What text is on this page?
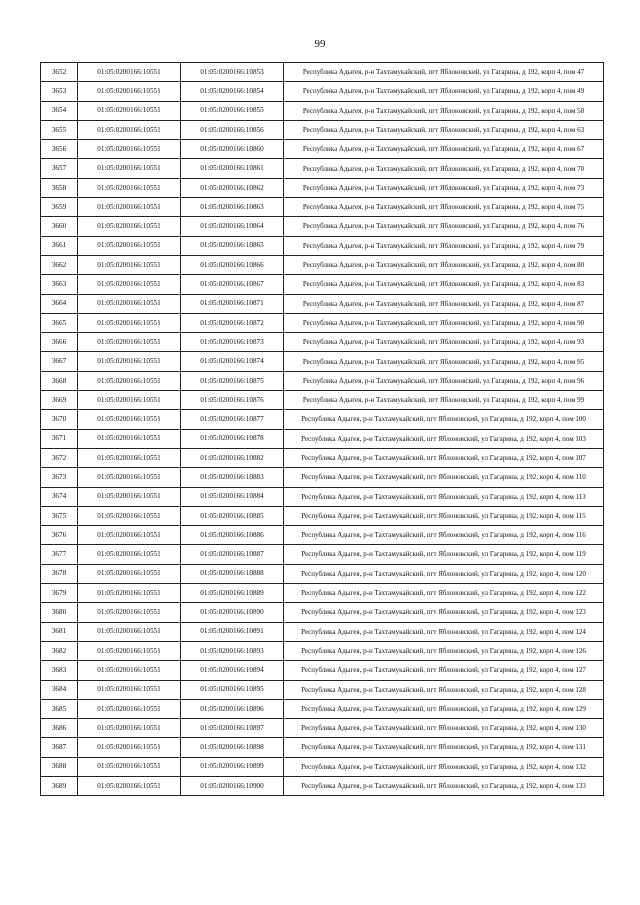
99
3652	01:05:0200166:10551	01:05:0200166:10853	Республика Адыгея, р-н Тахтамукайский, пгт Яблоновский, ул Гагарина, д 192, корп 4, пом 47
3653	01:05:0200166:10551	01:05:0200166:10854	Республика Адыгея, р-н Тахтамукайский, пгт Яблоновский, ул Гагарина, д 192, корп 4, пом 49
3654	01:05:0200166:10551	01:05:0200166:10855	Республика Адыгея, р-н Тахтамукайский, пгт Яблоновский, ул Гагарина, д 192, корп 4, пом 58
3655	01:05:0200166:10551	01:05:0200166:10856	Республика Адыгея, р-н Тахтамукайский, пгт Яблоновский, ул Гагарина, д 192, корп 4, пом 63
3656	01:05:0200166:10551	01:05:0200166:10860	Республика Адыгея, р-н Тахтамукайский, пгт Яблоновский, ул Гагарина, д 192, корп 4, пом 67
3657	01:05:0200166:10551	01:05:0200166:10861	Республика Адыгея, р-н Тахтамукайский, пгт Яблоновский, ул Гагарина, д 192, корп 4, пом 70
3658	01:05:0200166:10551	01:05:0200166:10862	Республика Адыгея, р-н Тахтамукайский, пгт Яблоновский, ул Гагарина, д 192, корп 4, пом 73
3659	01:05:0200166:10551	01:05:0200166:10863	Республика Адыгея, р-н Тахтамукайский, пгт Яблоновский, ул Гагарина, д 192, корп 4, пом 75
3660	01:05:0200166:10551	01:05:0200166:10864	Республика Адыгея, р-н Тахтамукайский, пгт Яблоновский, ул Гагарина, д 192, корп 4, пом 76
3661	01:05:0200166:10551	01:05:0200166:10865	Республика Адыгея, р-н Тахтамукайский, пгт Яблоновский, ул Гагарина, д 192, корп 4, пом 79
3662	01:05:0200166:10551	01:05:0200166:10866	Республика Адыгея, р-н Тахтамукайский, пгт Яблоновский, ул Гагарина, д 192, корп 4, пом 80
3663	01:05:0200166:10551	01:05:0200166:10867	Республика Адыгея, р-н Тахтамукайский, пгт Яблоновский, ул Гагарина, д 192, корп 4, пом 83
3664	01:05:0200166:10551	01:05:0200166:10871	Республика Адыгея, р-н Тахтамукайский, пгт Яблоновский, ул Гагарина, д 192, корп 4, пом 87
3665	01:05:0200166:10551	01:05:0200166:10872	Республика Адыгея, р-н Тахтамукайский, пгт Яблоновский, ул Гагарина, д 192, корп 4, пом 90
3666	01:05:0200166:10551	01:05:0200166:10873	Республика Адыгея, р-н Тахтамукайский, пгт Яблоновский, ул Гагарина, д 192, корп 4, пом 93
3667	01:05:0200166:10551	01:05:0200166:10874	Республика Адыгея, р-н Тахтамукайский, пгт Яблоновский, ул Гагарина, д 192, корп 4, пом 95
3668	01:05:0200166:10551	01:05:0200166:10875	Республика Адыгея, р-н Тахтамукайский, пгт Яблоновский, ул Гагарина, д 192, корп 4, пом 96
3669	01:05:0200166:10551	01:05:0200166:10876	Республика Адыгея, р-н Тахтамукайский, пгт Яблоновский, ул Гагарина, д 192, корп 4, пом 99
3670	01:05:0200166:10551	01:05:0200166:10877	Республика Адыгея, р-н Тахтамукайский, пгт Яблоновский, ул Гагарина, д 192, корп 4, пом 100
3671	01:05:0200166:10551	01:05:0200166:10878	Республика Адыгея, р-н Тахтамукайский, пгт Яблоновский, ул Гагарина, д 192, корп 4, пом 103
3672	01:05:0200166:10551	01:05:0200166:10882	Республика Адыгея, р-н Тахтамукайский, пгт Яблоновский, ул Гагарина, д 192, корп 4, пом 107
3673	01:05:0200166:10551	01:05:0200166:10883	Республика Адыгея, р-н Тахтамукайский, пгт Яблоновский, ул Гагарина, д 192, корп 4, пом 110
3674	01:05:0200166:10551	01:05:0200166:10884	Республика Адыгея, р-н Тахтамукайский, пгт Яблоновский, ул Гагарина, д 192, корп 4, пом 113
3675	01:05:0200166:10551	01:05:0200166:10885	Республика Адыгея, р-н Тахтамукайский, пгт Яблоновский, ул Гагарина, д 192, корп 4, пом 115
3676	01:05:0200166:10551	01:05:0200166:10886	Республика Адыгея, р-н Тахтамукайский, пгт Яблоновский, ул Гагарина, д 192, корп 4, пом 116
3677	01:05:0200166:10551	01:05:0200166:10887	Республика Адыгея, р-н Тахтамукайский, пгт Яблоновский, ул Гагарина, д 192, корп 4, пом 119
3678	01:05:0200166:10551	01:05:0200166:10888	Республика Адыгея, р-н Тахтамукайский, пгт Яблоновский, ул Гагарина, д 192, корп 4, пом 120
3679	01:05:0200166:10551	01:05:0200166:10889	Республика Адыгея, р-н Тахтамукайский, пгт Яблоновский, ул Гагарина, д 192, корп 4, пом 122
3680	01:05:0200166:10551	01:05:0200166:10890	Республика Адыгея, р-н Тахтамукайский, пгт Яблоновский, ул Гагарина, д 192, корп 4, пом 123
3681	01:05:0200166:10551	01:05:0200166:10891	Республика Адыгея, р-н Тахтамукайский, пгт Яблоновский, ул Гагарина, д 192, корп 4, пом 124
3682	01:05:0200166:10551	01:05:0200166:10893	Республика Адыгея, р-н Тахтамукайский, пгт Яблоновский, ул Гагарина, д 192, корп 4, пом 126
3683	01:05:0200166:10551	01:05:0200166:10894	Республика Адыгея, р-н Тахтамукайский, пгт Яблоновский, ул Гагарина, д 192, корп 4, пом 127
3684	01:05:0200166:10551	01:05:0200166:10895	Республика Адыгея, р-н Тахтамукайский, пгт Яблоновский, ул Гагарина, д 192, корп 4, пом 128
3685	01:05:0200166:10551	01:05:0200166:10896	Республика Адыгея, р-н Тахтамукайский, пгт Яблоновский, ул Гагарина, д 192, корп 4, пом 129
3686	01:05:0200166:10551	01:05:0200166:10897	Республика Адыгея, р-н Тахтамукайский, пгт Яблоновский, ул Гагарина, д 192, корп 4, пом 130
3687	01:05:0200166:10551	01:05:0200166:10898	Республика Адыгея, р-н Тахтамукайский, пгт Яблоновский, ул Гагарина, д 192, корп 4, пом 131
3688	01:05:0200166:10551	01:05:0200166:10899	Республика Адыгея, р-н Тахтамукайский, пгт Яблоновский, ул Гагарина, д 192, корп 4, пом 132
3689	01:05:0200166:10551	01:05:0200166:10900	Республика Адыгея, р-н Тахтамукайский, пгт Яблоновский, ул Гагарина, д 192, корп 4, пом 133
